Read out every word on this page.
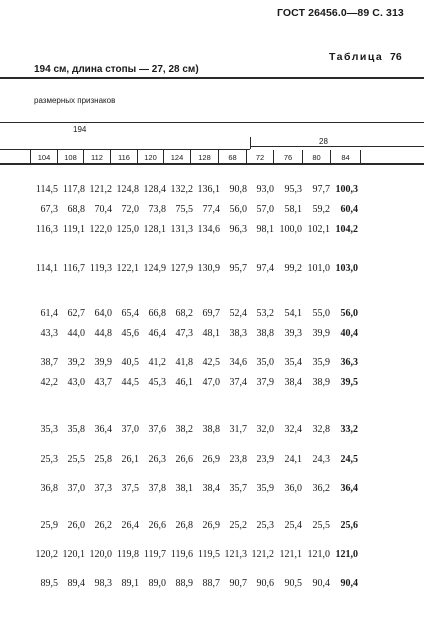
ГОСТ 26456.0—89 С. 313
194 см, длина стопы — 27, 28 см)
Таблица 76
размерных признаков
194
28
104	108	112	116	120	124	128	68	72	76	80	84
114,5 117,8 121,2 124,8 128,4 132,2 136,1 90,8 93,0	95,3	97,7 100,3
67,3 68,8 70,4 72,0 73,8 75,5 77,4 56,0 57,0	58,1	59,2	60,4
116,3 119,1 122,0 125,0 128,1 131,3 134,6 96,3 98,1 100,0 102,1 104,2
114,1 116,7 119,3 122,1 124,9 127,9 130,9 95,7 97,4	99,2 101,0 103,0
61,4 62,7 64,0 65,4 66,8 68,2 69,7 52,4 53,2	54,1	55,0	56,0
43,3 44,0 44,8 45,6 46,4 47,3 48,1 38,3 38,8	39,3	39,9	40,4
38,7 39,2 39,9 40,5 41,2 41,8 42,5 34,6 35,0	35,4	35,9	36,3
42,2 43,0 43,7 44,5 45,3 46,1 47,0 37,4 37,9	38,4	38,9	39,5
35,3 35,8 36,4 37,0 37,6 38,2 38,8 31,7 32,0	32,4	32,8	33,2
25,3 25,5 25,8 26,1 26,3 26,6 26,9 23,8 23,9	24,1	24,3	24,5
36,8 37,0 37,3 37,5 37,8 38,1 38,4 35,7 35,9	36,0	36,2	36,4
25,9 26,0 26,2 26,4 26,6 26,8 26,9 25,2 25,3	25,4	25,5	25,6
120,2 120,1 120,0 119,8 119,7 119,6 119,5 121,3 121,2 121,1 121,0 121,0
89,5 89,4 98,3 89,1 89,0 88,9 88,7 90,7 90,6	90,5	90,4	90,4
